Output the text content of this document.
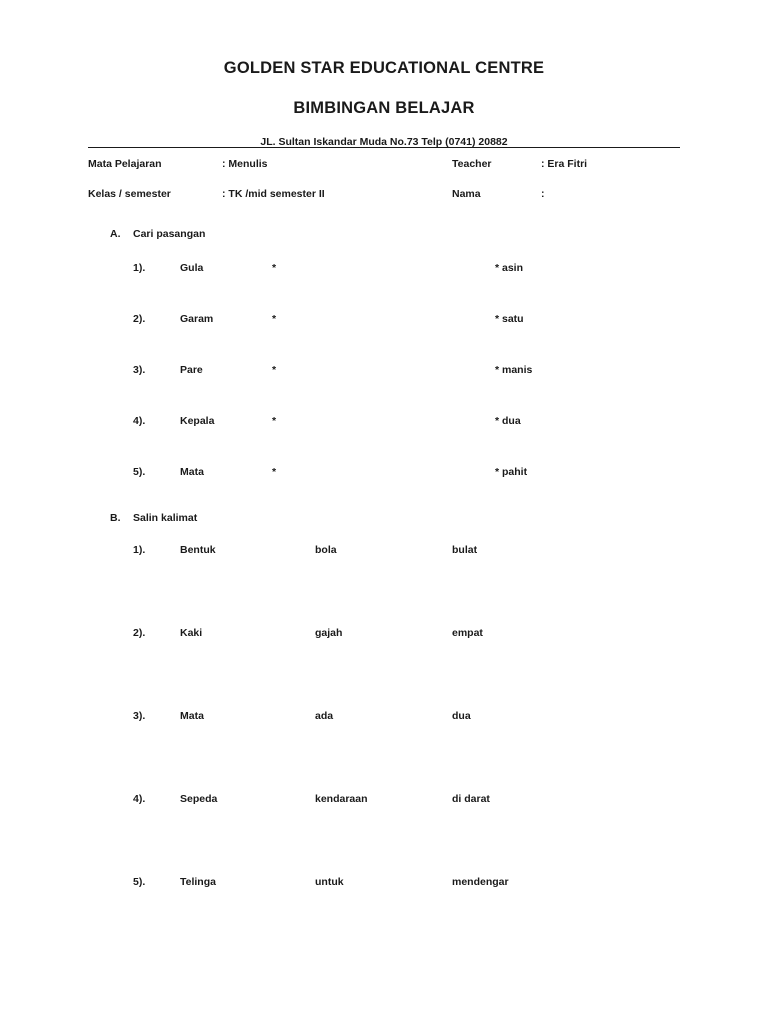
GOLDEN STAR EDUCATIONAL CENTRE
BIMBINGAN BELAJAR
JL. Sultan Iskandar Muda No.73 Telp (0741) 20882
Mata Pelajaran	: Menulis	Teacher	: Era Fitri
Kelas / semester	: TK /mid semester II	Nama	:
A. Cari pasangan
1).	Gula	*	* asin
2).	Garam	*	* satu
3).	Pare	*	* manis
4).	Kepala	*	* dua
5).	Mata	*	* pahit
B. Salin kalimat
1).	Bentuk	bola	bulat
2).	Kaki	gajah	empat
3).	Mata	ada	dua
4).	Sepeda	kendaraan	di darat
5).	Telinga	untuk	mendengar
